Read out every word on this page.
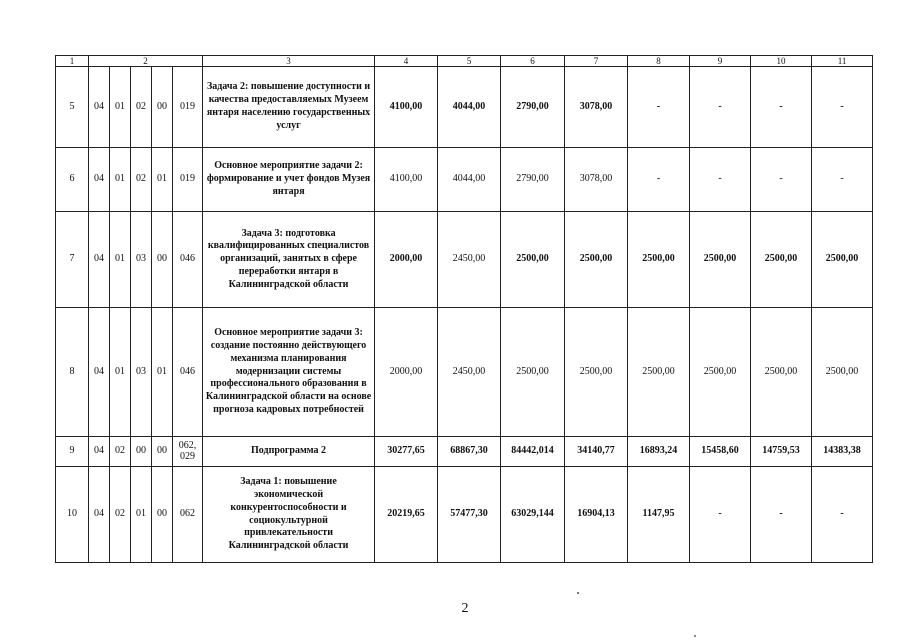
1	2					3	4	5	6	7	8	9	10	11
5	04	01	02	00	019	Задача 2: повышение доступности и качества предоставляемых Музеем янтаря населению государственных услуг	4100,00	4044,00	2790,00	3078,00	-	-	-	-
6	04	01	02	01	019	Основное мероприятие задачи 2: формирование и учет фондов Музея янтаря	4100,00	4044,00	2790,00	3078,00	-	-	-	-
7	04	01	03	00	046	Задача 3: подготовка квалифицированных специалистов организаций, занятых в сфере переработки янтаря в Калининградской области	2000,00	2450,00	2500,00	2500,00	2500,00	2500,00	2500,00	2500,00
8	04	01	03	01	046	Основное мероприятие задачи 3: создание постоянно действующего механизма планирования модернизации системы профессионального образования в Калининградской области на основе прогноза кадровых потребностей	2000,00	2450,00	2500,00	2500,00	2500,00	2500,00	2500,00	2500,00
9	04	02	00	00	062, 029	Подпрограмма 2	30277,65	68867,30	84442,014	34140,77	16893,24	15458,60	14759,53	14383,38
10	04	02	01	00	062	Задача 1: повышение экономической конкурентоспособности и социокультурной привлекательности Калининградской области	20219,65	57477,30	63029,144	16904,13	1147,95	-	-	-
2
